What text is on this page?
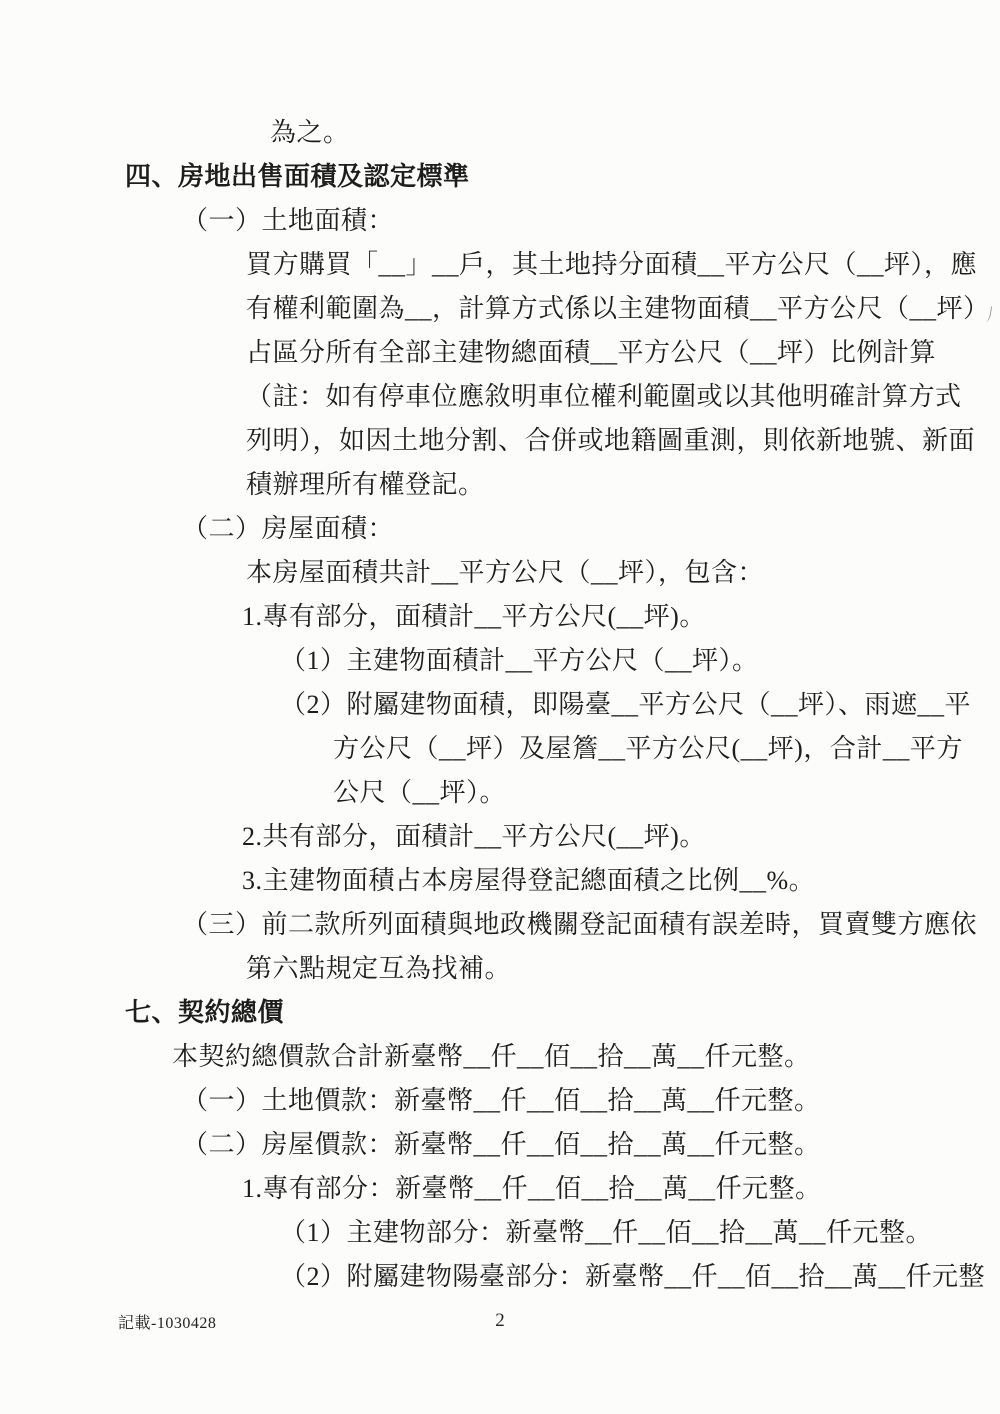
為之。
四、房地出售面積及認定標準
（一）土地面積：
買方購買「__」__戶，其土地持分面積__平方公尺（__坪），應
有權利範圍為__，計算方式係以主建物面積__平方公尺（__坪）
占區分所有全部主建物總面積__平方公尺（__坪）比例計算
（註：如有停車位應敘明車位權利範圍或以其他明確計算方式
列明），如因土地分割、合併或地籍圖重測，則依新地號、新面
積辦理所有權登記。
（二）房屋面積：
本房屋面積共計__平方公尺（__坪），包含：
1.專有部分，面積計__平方公尺(__坪)。
（1）主建物面積計__平方公尺（__坪）。
（2）附屬建物面積，即陽臺__平方公尺（__坪）、雨遮__平
方公尺（__坪）及屋簷__平方公尺(__坪)，合計__平方
公尺（__坪）。
2.共有部分，面積計__平方公尺(__坪)。
3.主建物面積占本房屋得登記總面積之比例__%。
（三）前二款所列面積與地政機關登記面積有誤差時，買賣雙方應依
第六點規定互為找補。
七、契約總價
本契約總價款合計新臺幣__仟__佰__拾__萬__仟元整。
（一）土地價款：新臺幣__仟__佰__拾__萬__仟元整。
（二）房屋價款：新臺幣__仟__佰__拾__萬__仟元整。
1.專有部分：新臺幣__仟__佰__拾__萬__仟元整。
（1）主建物部分：新臺幣__仟__佰__拾__萬__仟元整。
（2）附屬建物陽臺部分：新臺幣__仟__佰__拾__萬__仟元整
記載-1030428	2
